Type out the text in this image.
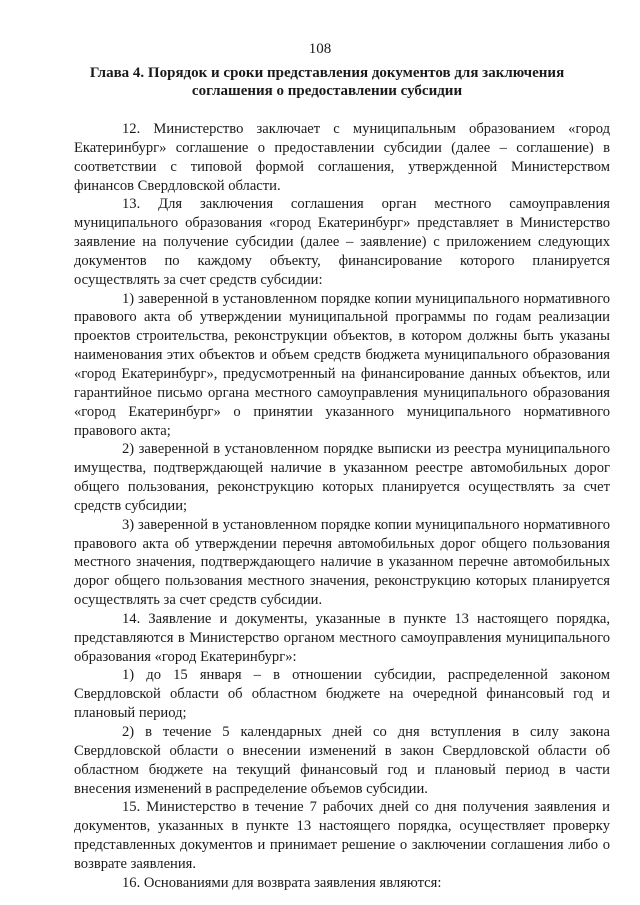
108
Глава 4. Порядок и сроки представления документов для заключения соглашения о предоставлении субсидии

12. Министерство заключает с муниципальным образованием «город Екатеринбург» соглашение о предоставлении субсидии (далее – соглашение) в соответствии с типовой формой соглашения, утвержденной Министерством финансов Свердловской области.

13. Для заключения соглашения орган местного самоуправления муниципального образования «город Екатеринбург» представляет в Министерство заявление на получение субсидии (далее – заявление) с приложением следующих документов по каждому объекту, финансирование которого планируется осуществлять за счет средств субсидии:

1) заверенной в установленном порядке копии муниципального нормативного правового акта об утверждении муниципальной программы по годам реализации проектов строительства, реконструкции объектов, в котором должны быть указаны наименования этих объектов и объем средств бюджета муниципального образования «город Екатеринбург», предусмотренный на финансирование данных объектов, или гарантийное письмо органа местного самоуправления муниципального образования «город Екатеринбург» о принятии указанного муниципального нормативного правового акта;

2) заверенной в установленном порядке выписки из реестра муниципального имущества, подтверждающей наличие в указанном реестре автомобильных дорог общего пользования, реконструкцию которых планируется осуществлять за счет средств субсидии;

3) заверенной в установленном порядке копии муниципального нормативного правового акта об утверждении перечня автомобильных дорог общего пользования местного значения, подтверждающего наличие в указанном перечне автомобильных дорог общего пользования местного значения, реконструкцию которых планируется осуществлять за счет средств субсидии.

14. Заявление и документы, указанные в пункте 13 настоящего порядка, представляются в Министерство органом местного самоуправления муниципального образования «город Екатеринбург»:

1) до 15 января – в отношении субсидии, распределенной законом Свердловской области об областном бюджете на очередной финансовый год и плановый период;

2) в течение 5 календарных дней со дня вступления в силу закона Свердловской области о внесении изменений в закон Свердловской области об областном бюджете на текущий финансовый год и плановый период в части внесения изменений в распределение объемов субсидии.

15. Министерство в течение 7 рабочих дней со дня получения заявления и документов, указанных в пункте 13 настоящего порядка, осуществляет проверку представленных документов и принимает решение о заключении соглашения либо о возврате заявления.

16. Основаниями для возврата заявления являются:
